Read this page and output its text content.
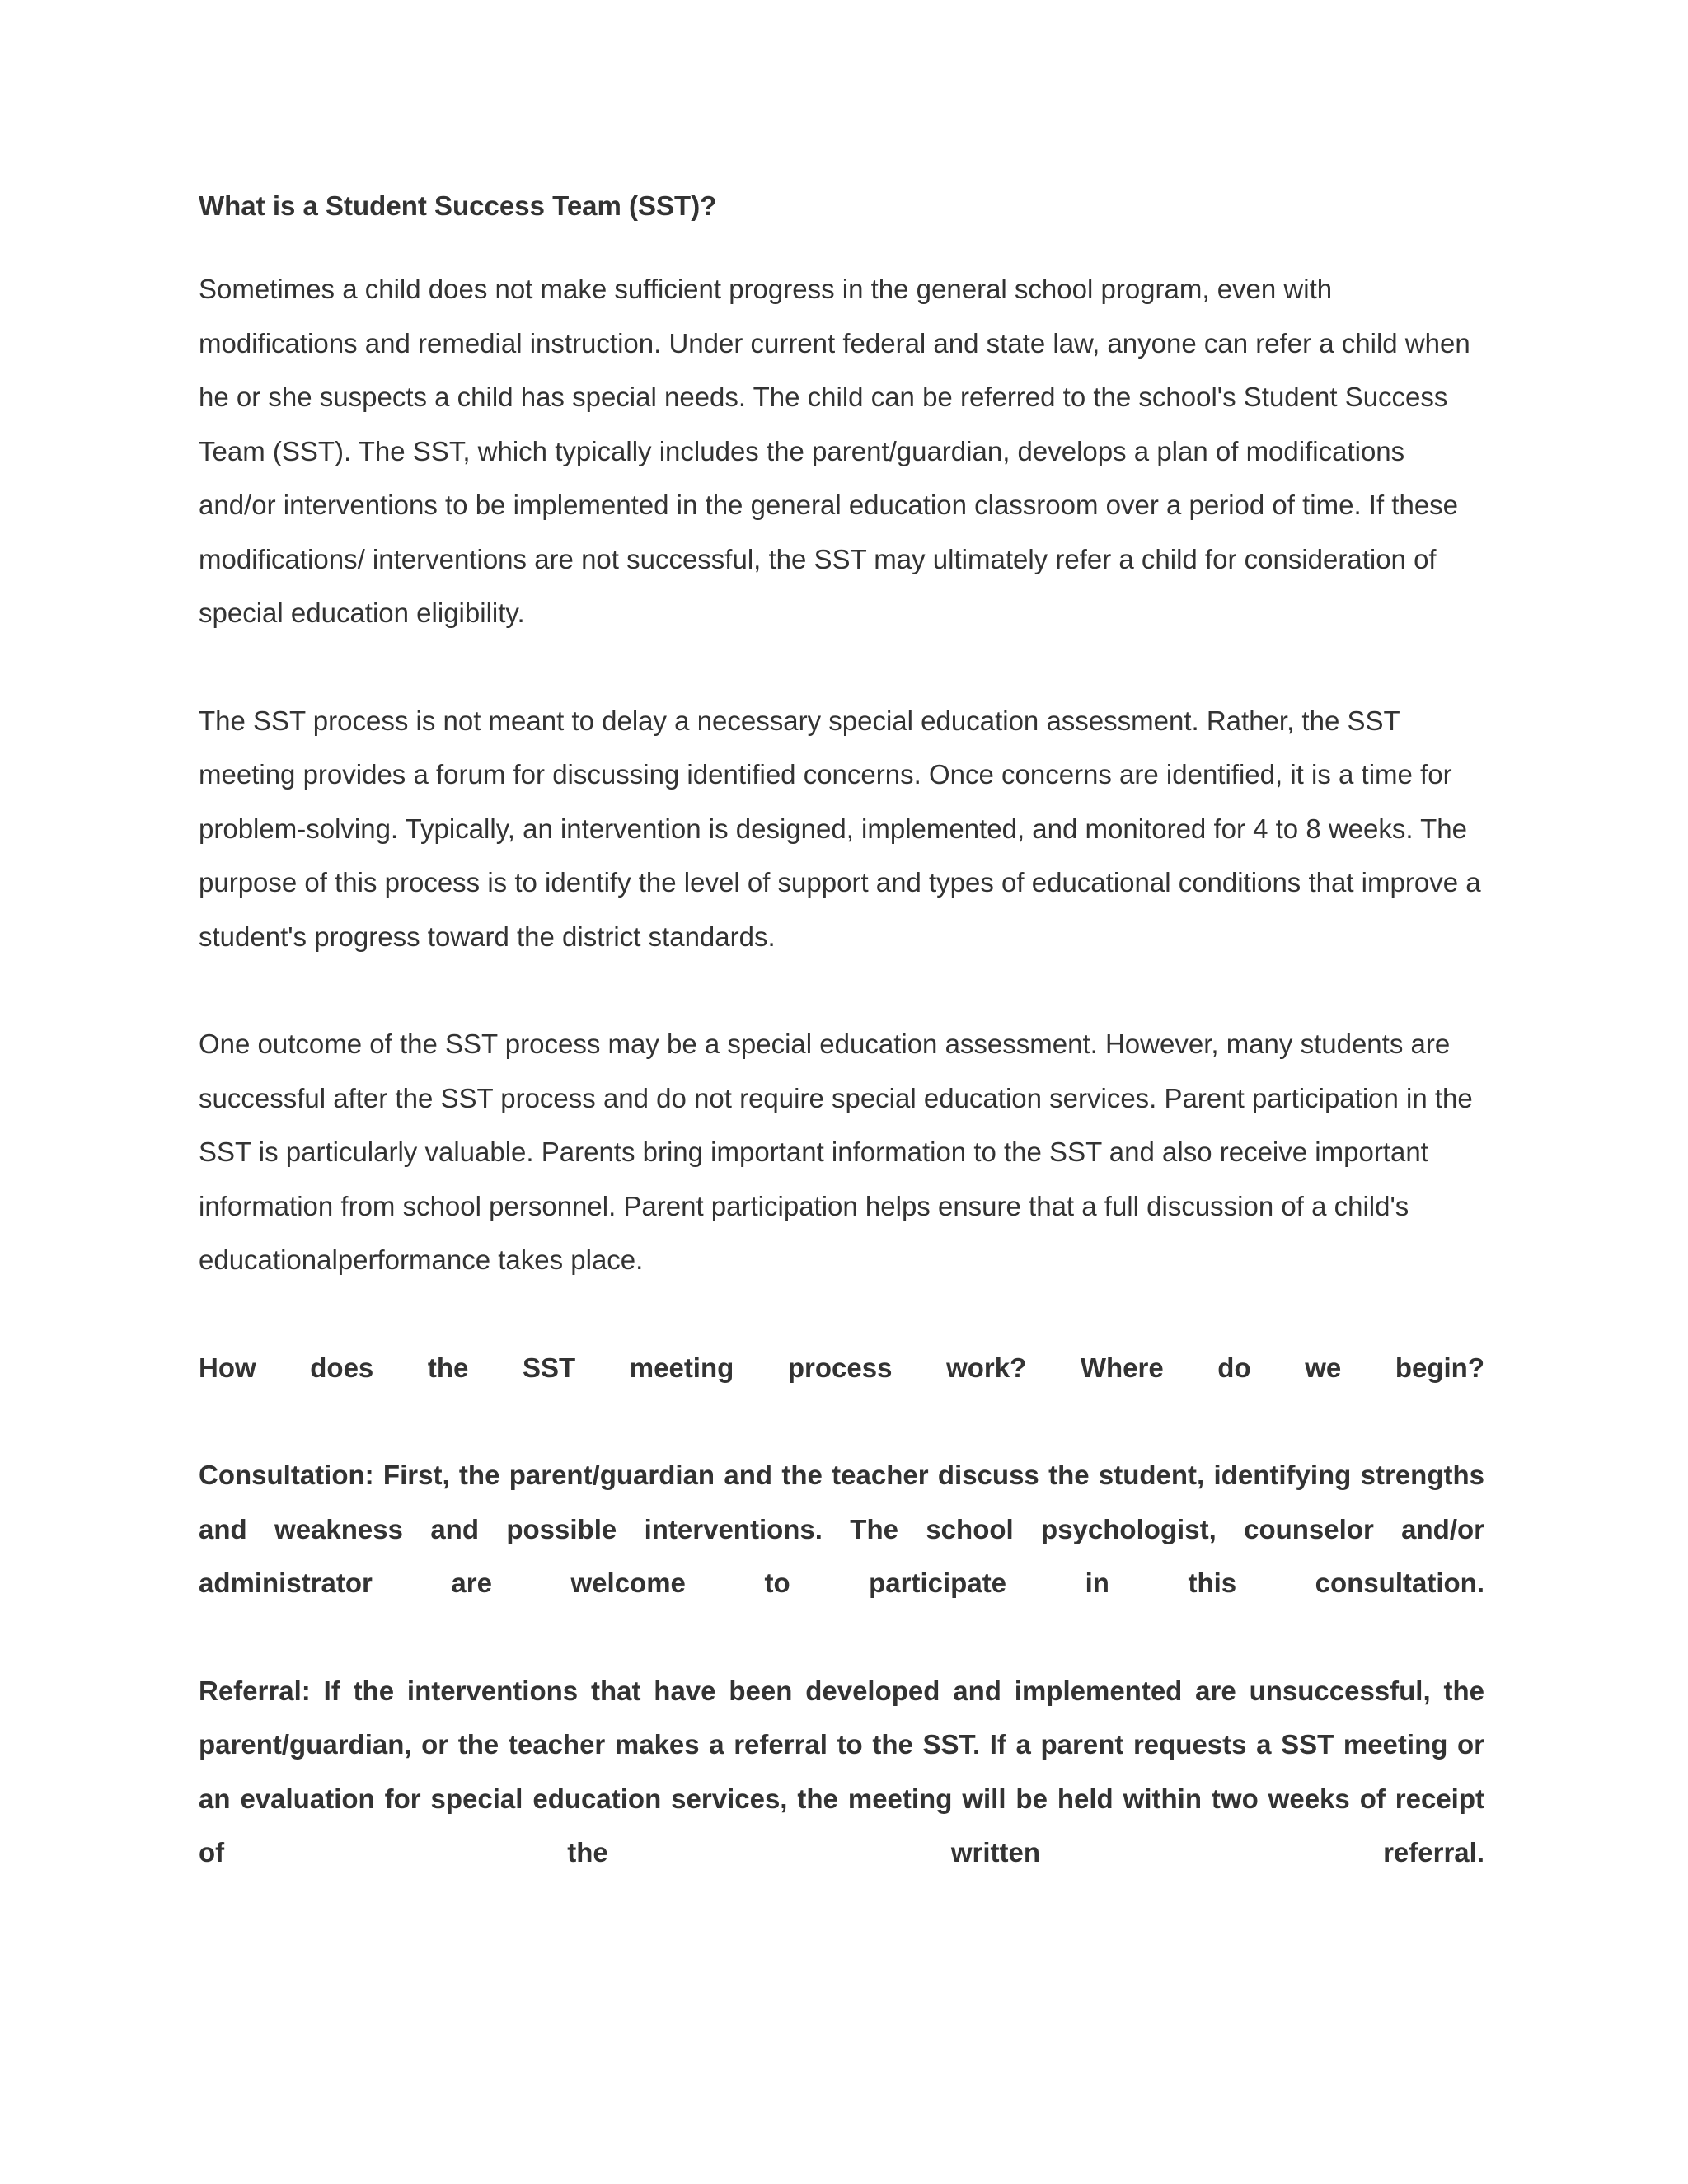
What is a Student Success Team (SST)?

Sometimes a child does not make sufficient progress in the general school program, even with modifications and remedial instruction. Under current federal and state law, anyone can refer a child when he or she suspects a child has special needs. The child can be referred to the school's Student Success Team (SST). The SST, which typically includes the parent/guardian, develops a plan of modifications and/or interventions to be implemented in the general education classroom over a period of time. If these modifications/ interventions are not successful, the SST may ultimately refer a child for consideration of special education eligibility.

The SST process is not meant to delay a necessary special education assessment. Rather, the SST meeting provides a forum for discussing identified concerns. Once concerns are identified, it is a time for problem-solving. Typically, an intervention is designed, implemented, and monitored for 4 to 8 weeks. The purpose of this process is to identify the level of support and types of educational conditions that improve a student's progress toward the district standards.

One outcome of the SST process may be a special education assessment. However, many students are successful after the SST process and do not require special education services. Parent participation in the SST is particularly valuable. Parents bring important information to the SST and also receive important information from school personnel. Parent participation helps ensure that a full discussion of a child's educationalperformance takes place.

How does the SST meeting process work? Where do we begin?
Consultation: First, the parent/guardian and the teacher discuss the student, identifying strengths
and weakness and possible interventions. The school psychologist, counselor and/or
administrator are welcome to participate in this consultation.
Referral: If the interventions that have been developed and implemented are unsuccessful, the
parent/guardian, or the teacher makes a referral to the SST. If a parent requests a SST meeting or
an evaluation for special education services, the meeting will be held within two weeks of receipt
of the written referral.
